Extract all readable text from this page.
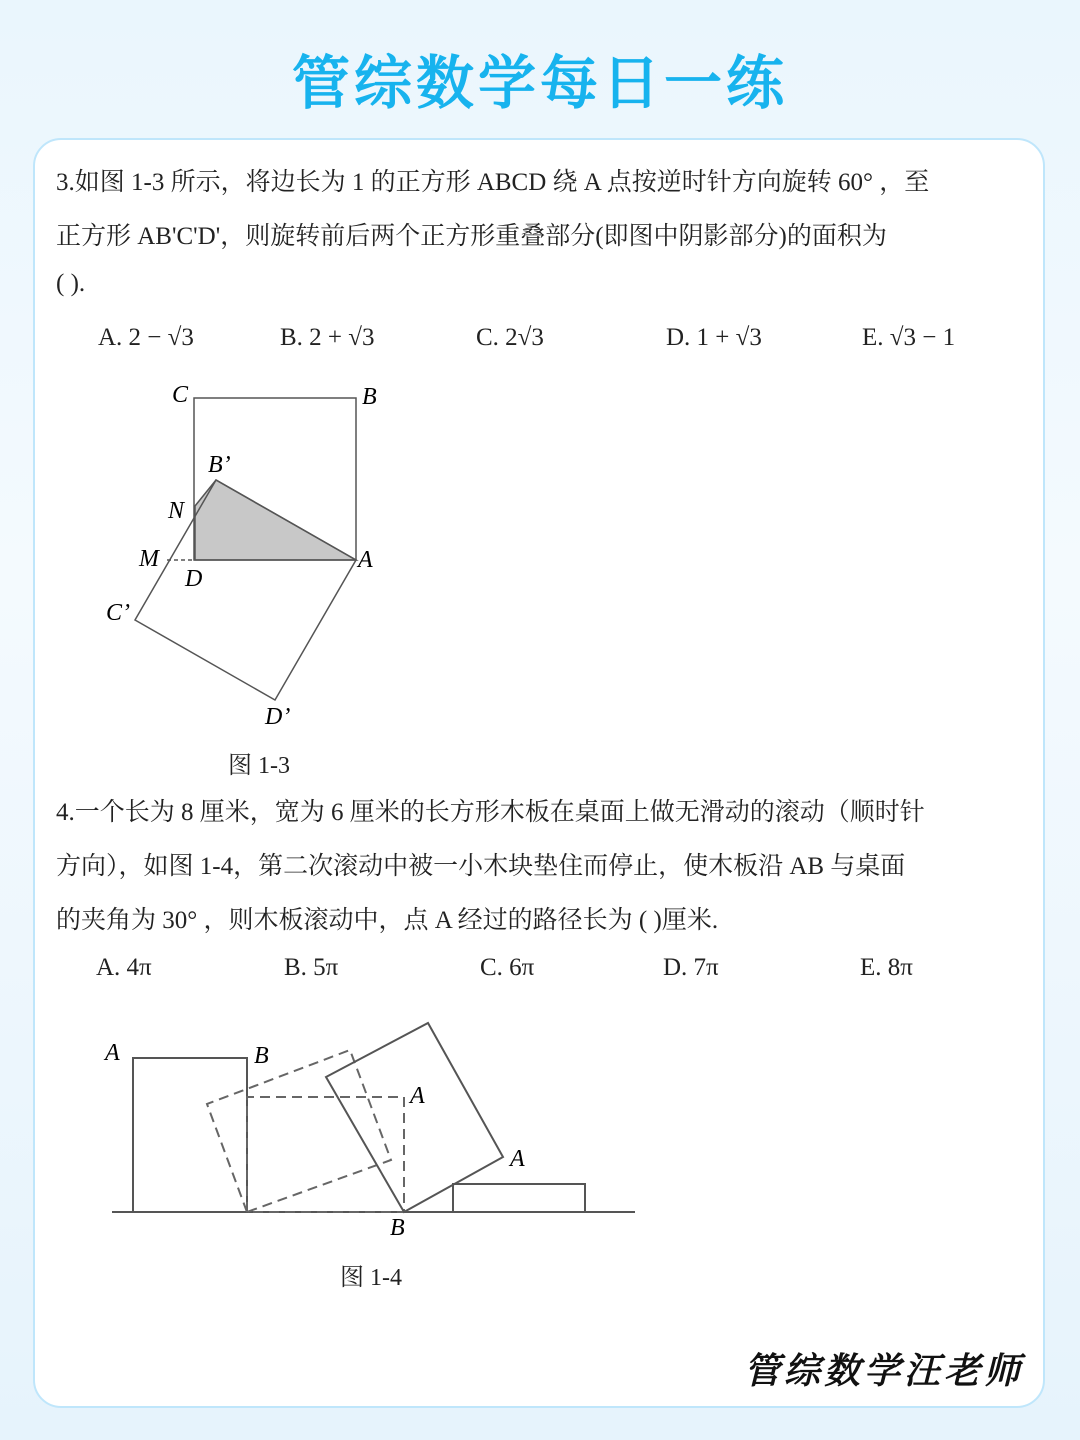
管综数学每日一练
3.如图 1-3 所示，将边长为 1 的正方形 ABCD 绕 A 点按逆时针方向旋转 60° ，至
正方形 AB'C'D'，则旋转前后两个正方形重叠部分(即图中阴影部分)的面积为
( ).
A. 2 − √3	B. 2 + √3	C. 2√3	D. 1 + √3	E. √3 − 1
C	B
B’
N
M
D
A
C’
D’
图 1-3
4.一个长为 8 厘米，宽为 6 厘米的长方形木板在桌面上做无滑动的滚动（顺时针
方向），如图 1-4，第二次滚动中被一小木块垫住而停止，使木板沿 AB 与桌面
的夹角为 30° ，则木板滚动中，点 A 经过的路径长为 ( )厘米.
A. 4π	B. 5π	C. 6π	D. 7π	E. 8π
A	B
A
A
B
图 1-4
管综数学汪老师
